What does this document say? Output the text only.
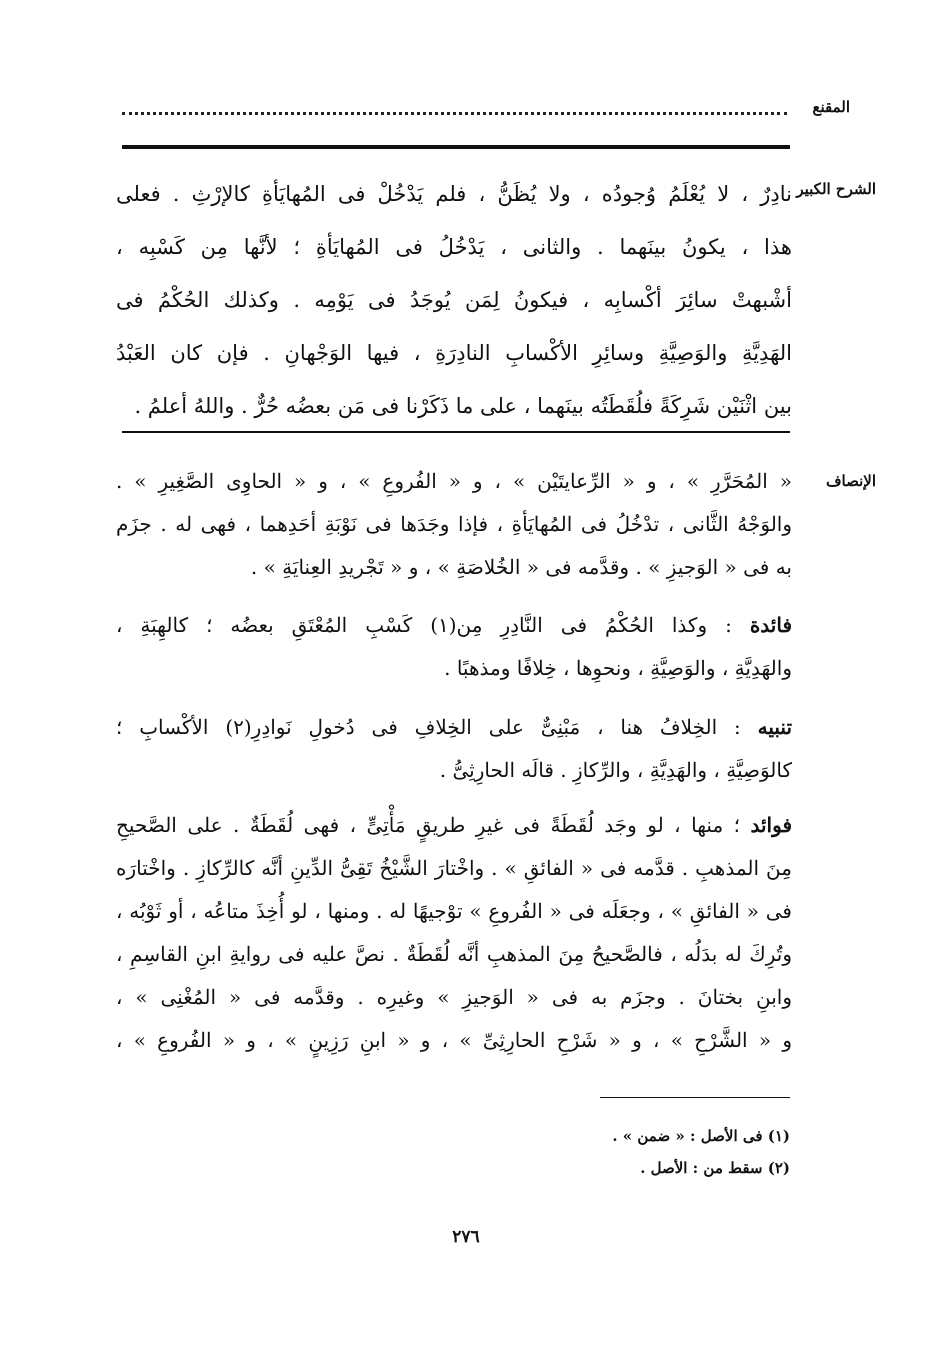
المقنع
الشرح الكبير
نادِرٌ ، لا يُعْلَمُ وُجودُه ، ولا يُظَنُّ ، فلم يَدْخُلْ فى المُهايَأةِ كالإرْثِ . فعلى
هذا ، يكونُ بينَهما . والثانى ، يَدْخُلُ فى المُهايَأةِ ؛ لأنَّها مِن كَسْبِه ،
أشْبهتْ سائِرَ أكْسابِه ، فيكونُ لِمَن يُوجَدُ فى يَوْمِه . وكذلك الحُكْمُ فى
الهَدِيَّةِ والوَصِيَّةِ وسائِرِ الأكْسابِ النادِرَةِ ، فيها الوَجْهانِ . فإن كان العَبْدُ
بين اثْنَيْن شَرِكَةً فلُقَطَتُه بينَهما ، على ما ذَكَرْنا فى مَن بعضُه حُرٌّ . واللهُ أعلمُ .
الإنصاف
« المُحَرَّرِ » ، و « الرِّعايتَيْن » ، و « الفُروعِ » ، و « الحاوِى الصَّغِيرِ » .
والوَجْهُ الثَّانى ، تدْخُلُ فى المُهايَأةِ ، فإذا وجَدَها فى نَوْبَةِ أحَدِهما ، فهى له . جزَم
به فى « الوَجيزِ » . وقدَّمه فى « الخُلاصَةِ » ، و « تَجْريدِ العِنايَةِ » .
فائدة : وكذا الحُكْمُ فى النَّادِرِ مِن(١) كَسْبِ المُعْتَقِ بعضُه ؛ كالهِبَةِ ،
والهَدِيَّةِ ، والوَصِيَّةِ ، ونحوِها ، خِلافًا ومذهبًا .
تنبيه : الخِلافُ هنا ، مَبْنِىٌّ على الخِلافِ فى دُخولِ نَوادِرِ(٢) الأكْسابِ ؛
كالوَصِيَّةِ ، والهَدِيَّةِ ، والرِّكازِ . قالَه الحارِثِىُّ .
فوائد ؛ منها ، لو وجَد لُقَطَةً فى غيرِ طريقٍ مَأْتِىٍّ ، فهى لُقَطَةٌ . على الصَّحيحِ
مِنَ المذهبِ . قدَّمه فى « الفائقِ » . واخْتارَ الشَّيْخُ تَقِىُّ الدِّينِ أنَّه كالرِّكازِ . واخْتارَه
فى « الفائقِ » ، وجعَلَه فى « الفُروعِ » توْجيهًا له . ومنها ، لو أُخِذَ متاعُه ، أو ثَوْبُه ،
وتُرِكَ له بدَلُه ، فالصَّحيحُ مِنَ المذهبِ أنَّه لُقَطَةٌ . نصَّ عليه فى روايةِ ابنِ القاسِمِ ،
وابنِ بختانَ . وجزَم به فى « الوَجيزِ » وغيرِه . وقدَّمه فى « المُغْنِى » ،
و « الشَّرْحِ » ، و « شَرْحِ الحارِثِىِّ » ، و « ابنِ رَزِينٍ » ، و « الفُروعِ » ،
(١) فى الأصل : « ضمن » .
(٢) سقط من : الأصل .
٢٧٦
